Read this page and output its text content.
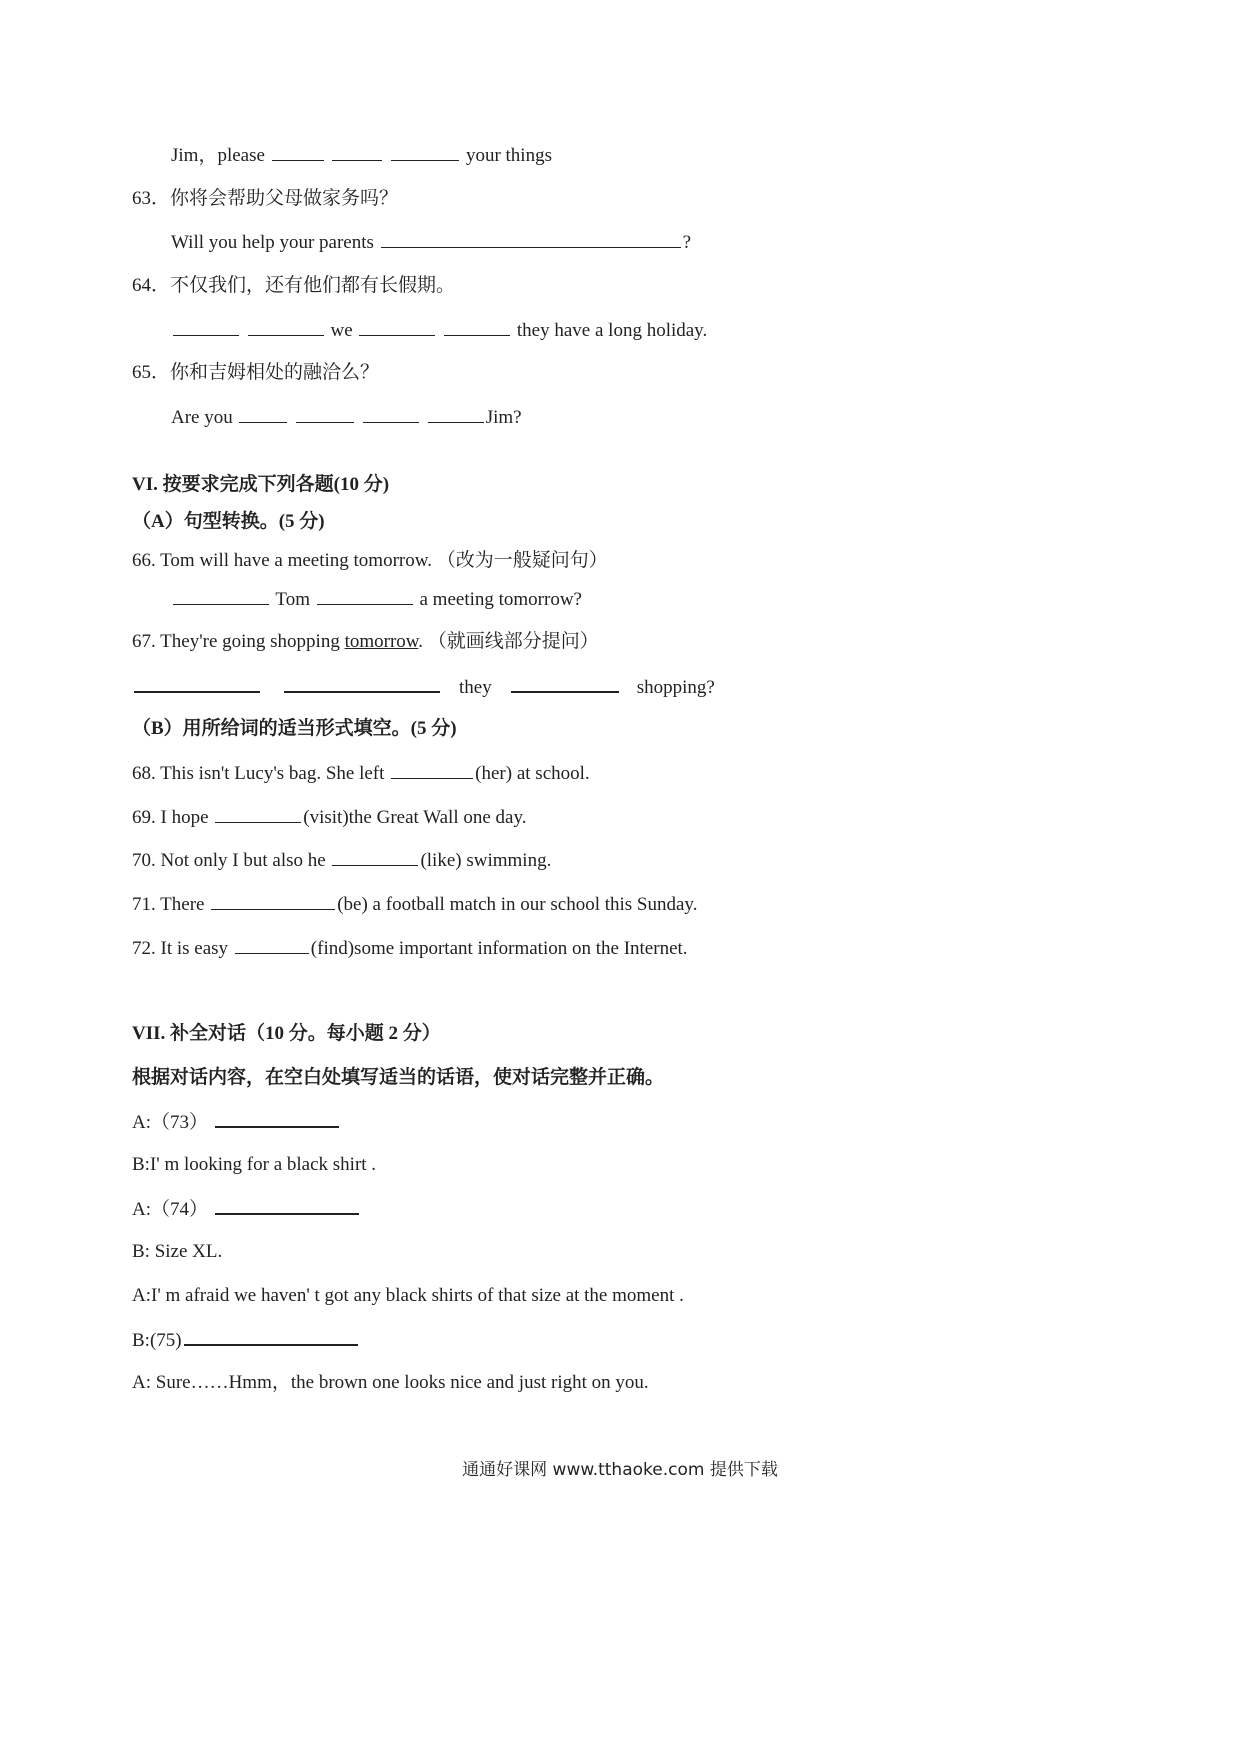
Jim，please	your things
63．你将会帮助父母做家务吗？
Will you help your parents	?
64．不仅我们，还有他们都有长假期。
we	they have a long holiday.
65．你和吉姆相处的融洽么？
Are you	Jim?
VI. 按要求完成下列各题(10 分)
（A）句型转换。(5 分)
66. Tom will have a meeting tomorrow. （改为一般疑问句）
Tom	a meeting tomorrow?
67. They're going shopping tomorrow. （就画线部分提问）
they	shopping?
（B）用所给词的适当形式填空。(5 分)
68. This isn't Lucy's bag. She left	(her) at school.
69. I hope	(visit)the Great Wall one day.
70. Not only I but also he	(like) swimming.
71. There	(be) a football match in our school this Sunday.
72. It is easy	(find)some important information on the Internet.
VII. 补全对话（10 分。每小题 2 分）
根据对话内容，在空白处填写适当的话语，使对话完整并正确。
A:（73）
B:I' m looking for a black shirt .
A:（74）
B: Size XL.
A:I' m afraid we haven' t got any black shirts of that size at the moment .
B:(75)
A: Sure……Hmm，the brown one looks nice and just right on you.
通通好课网 www.tthaoke.com 提供下载
